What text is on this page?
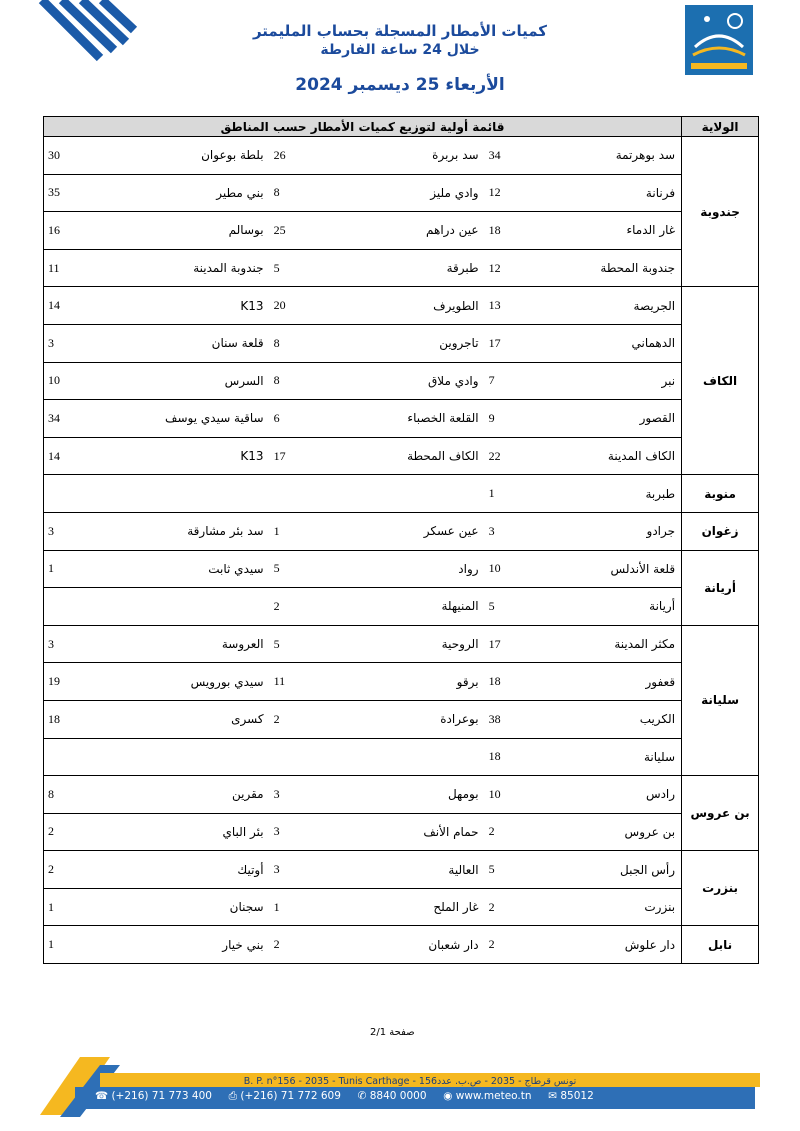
كميات الأمطار المسجلة بحساب المليمتر
خلال 24 ساعة الفارطة
الأربعاء 25 ديسمبر 2024
الولاية	قائمة أولية لتوزيع كميات الأمطار حسب المناطق					
جندوبة	سد بوهرتمة	34	سد بربرة	26	بلطة بوعوان	30
	فرنانة	12	وادي مليز	8	بني مطير	35
	غار الدماء	18	عين دراهم	25	بوسالم	16
	جندوبة المحطة	12	طبرقة	5	جندوبة المدينة	11
الكاف	الجريصة	13	الطويرف	20	K13	14
	الدهماني	17	تاجروين	8	قلعة سنان	3
	نبر	7	وادي ملاق	8	السرس	10
	القصور	9	القلعة الخصباء	6	ساقية سيدي يوسف	34
	الكاف المدينة	22	الكاف المحطة	17	K13	14
منوبة	طبربة	1				
زغوان	جرادو	3	عين عسكر	1	سد بئر مشارقة	3
أريانة	قلعة الأندلس	10	رواد	5	سيدي ثابت	1
	أريانة	5	المنيهلة	2		
سليانة	مكثر المدينة	17	الروحية	5	العروسة	3
	قعفور	18	برقو	11	سيدي بورويس	19
	الكريب	38	بوعرادة	2	كسرى	18
	سليانة	18				
بن عروس	رادس	10	بومهل	3	مقرين	8
	بن عروس	2	حمام الأنف	3	بئر الباي	2
بنزرت	رأس الجبل	5	العالية	3	أوتيك	2
	بنزرت	2	غار الملح	1	سجنان	1
نابل	دار علوش	2	دار شعبان	2	بني خيار	1
صفحة 2/1
B. P. n°156 - 2035 - Tunis Carthage - تونس قرطاج - 2035 - ص.ب. عدد156
☎ (+216) 71 773 400 ⎙ (+216) 71 772 609 ✆ 8840 0000 ◉ www.meteo.tn ✉ 85012
